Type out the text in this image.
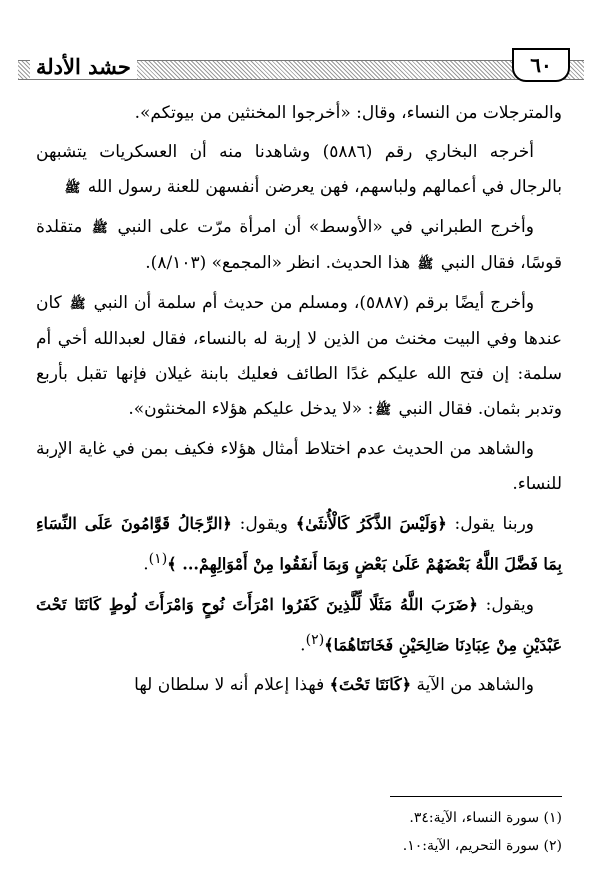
٦٠
حشد الأدلة

والمترجلات من النساء، وقال: «أخرجوا المخنثين من بيوتكم».

أخرجه البخاري رقم (٥٨٨٦) وشاهدنا منه أن العسكريات يتشبهن بالرجال في أعمالهم ولباسهم، فهن يعرضن أنفسهن للعنة رسول الله ﷺ

وأخرج الطبراني في «الأوسط» أن امرأة مرّت على النبي ﷺ متقلدة قوسًا، فقال النبي ﷺ هذا الحديث. انظر «المجمع» (٨/١٠٣).

وأخرج أيضًا برقم (٥٨٨٧)، ومسلم من حديث أم سلمة أن النبي ﷺ كان عندها وفي البيت مخنث من الذين لا إربة له بالنساء، فقال لعبدالله أخي أم سلمة: إن فتح الله عليكم غدًا الطائف فعليك بابنة غيلان فإنها تقبل بأربع وتدبر بثمان. فقال النبي ﷺ: «لا يدخل عليكم هؤلاء المخنثون».

والشاهد من الحديث عدم اختلاط أمثال هؤلاء فكيف بمن في غاية الإربة للنساء.

وربنا يقول: ﴿وَلَيْسَ الذَّكَرُ كَالْأُنثَىٰ﴾ ويقول: ﴿الرِّجَالُ قَوَّامُونَ عَلَى النِّسَاءِ بِمَا فَضَّلَ اللَّهُ بَعْضَهُمْ عَلَىٰ بَعْضٍ وَبِمَا أَنفَقُوا مِنْ أَمْوَالِهِمْ... ﴾$^{(١)}$.

ويقول: ﴿ضَرَبَ اللَّهُ مَثَلًا لِّلَّذِينَ كَفَرُوا امْرَأَتَ نُوحٍ وَامْرَأَتَ لُوطٍ كَانَتَا تَحْتَ عَبْدَيْنِ مِنْ عِبَادِنَا صَالِحَيْنِ فَخَانَتَاهُمَا﴾$^{(٢)}$.

والشاهد من الآية ﴿كَانَتَا تَحْتَ﴾ فهذا إعلام أنه لا سلطان لها

(١) سورة النساء، الآية:٣٤.
(٢) سورة التحريم، الآية:١٠.
